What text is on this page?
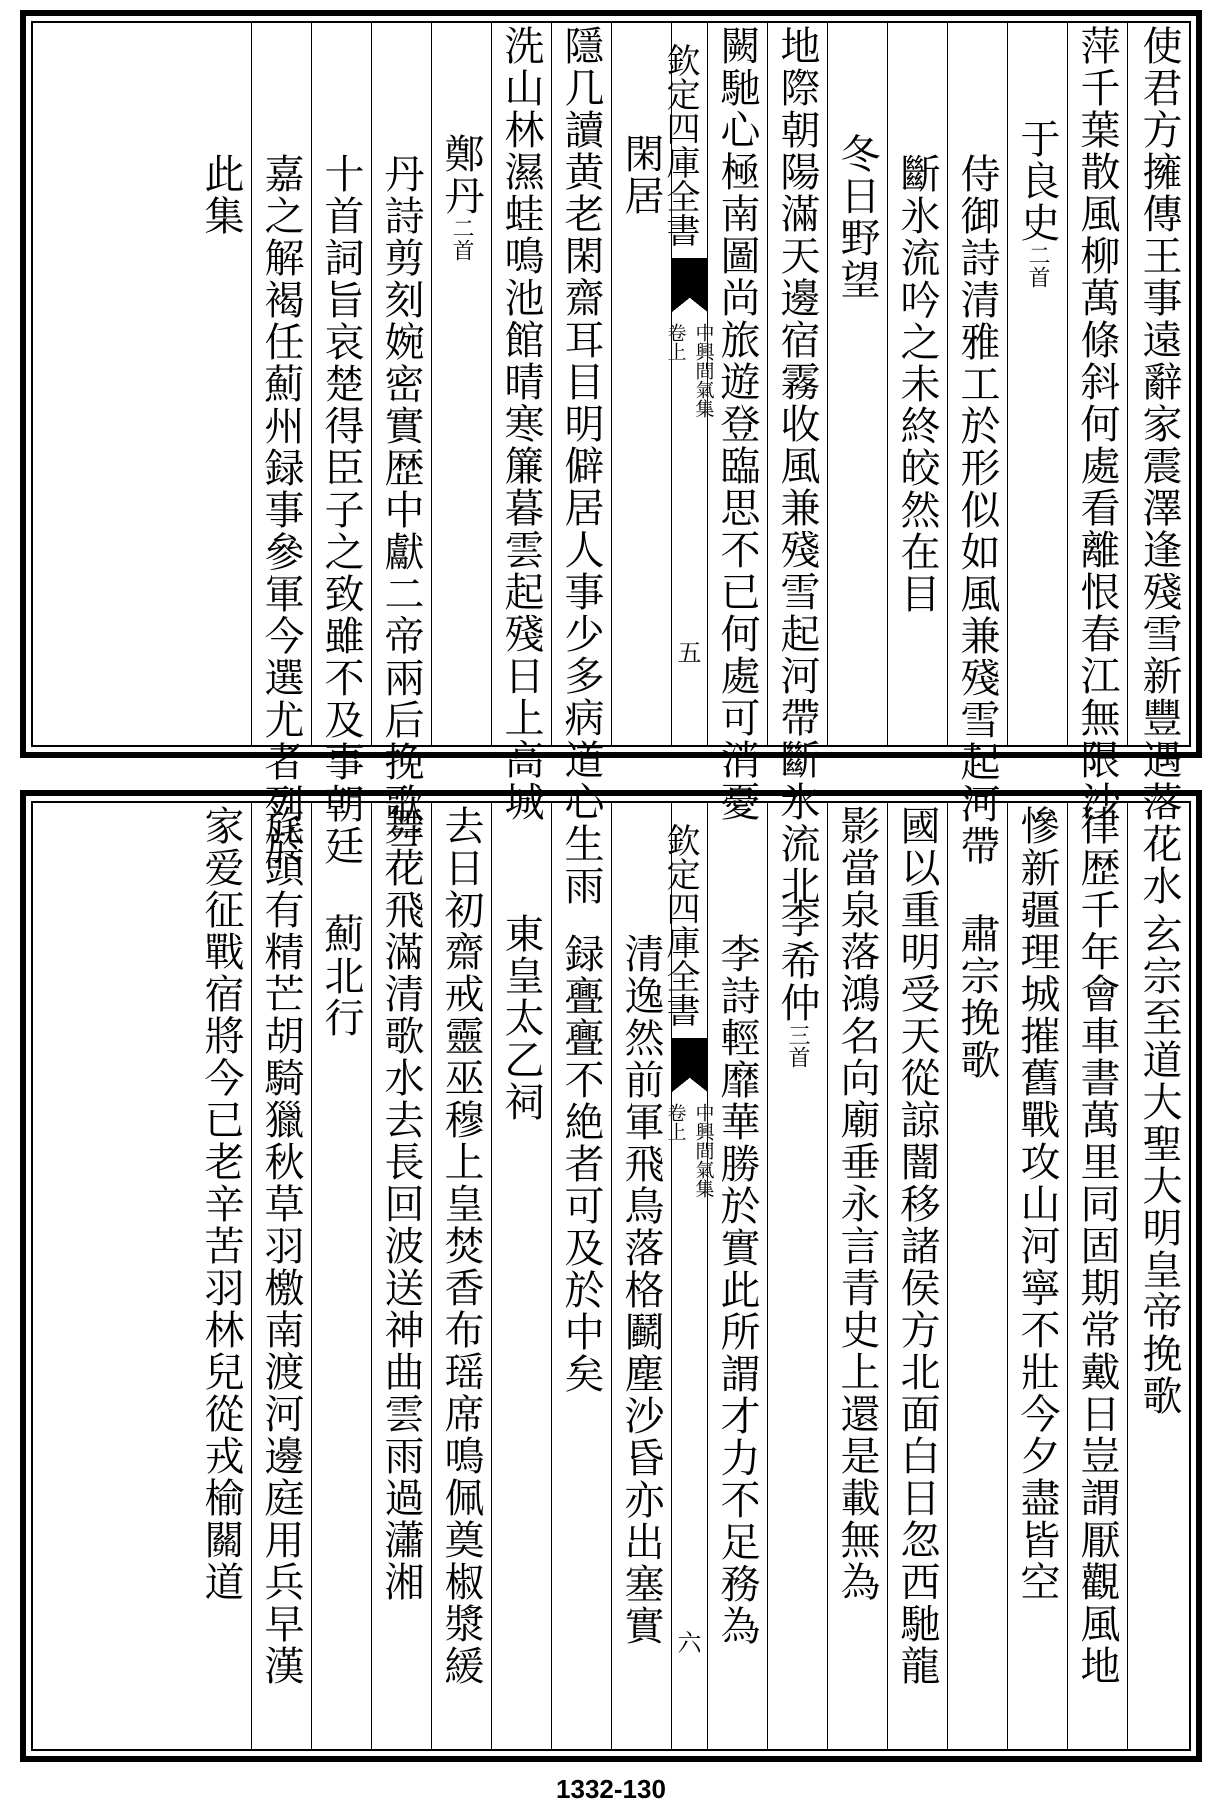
使君方擁傳王事遠辭家震澤逢殘雪新豐遇落花水
萍千葉散風柳萬條斜何處看離恨春江無限沙
于良史二首
侍御詩清雅工於形似如風兼殘雪起河帶
斷氷流吟之未終皎然在目
冬日野望
地際朝陽滿天邊宿霧收風兼殘雪起河帶斷氷流北
闕馳心極南圖尚旅遊登臨思不已何處可消憂
欽定四庫全書
中興間氣集
卷上
五
閑居
隱几讀黄老閑齋耳目明僻居人事少多病道心生雨
洗山林濕蛙鳴池館晴寒簾暮雲起殘日上高城
鄭丹二首
丹詩剪刻婉密實歴中獻二帝兩后挽歌三
十首詞旨哀楚得臣子之致雖不及事朝廷
嘉之解褐任薊州録事參軍今選尤者列於
此集
玄宗至道大聖大明皇帝挽歌
律歴千年會車書萬里同固期常戴日豈謂厭觀風地
慘新疆理城摧舊戰攻山河寧不壯今夕盡皆空
肅宗挽歌
國以重明受天從諒闇移諸侯方北面白日忽西馳龍
影當泉落鴻名向廟垂永言青史上還是載無為
李希仲三首
李詩輕靡華勝於實此所謂才力不足務為
欽定四庫全書
中興間氣集
卷上
六
清逸然前軍飛鳥落格鬬塵沙昏亦出塞實
録亹亹不絶者可及於中矣
東皇太乙祠
去日初齋戒靈巫穆上皇焚香布瑶席鳴佩奠椒漿緩
舞花飛滿清歌水去長回波送神曲雲雨過瀟湘
薊北行
旄頭有精芒胡騎獵秋草羽檄南渡河邊庭用兵早漢
家爱征戰宿將今已老辛苦羽林兒從戎榆關道
1332-130
